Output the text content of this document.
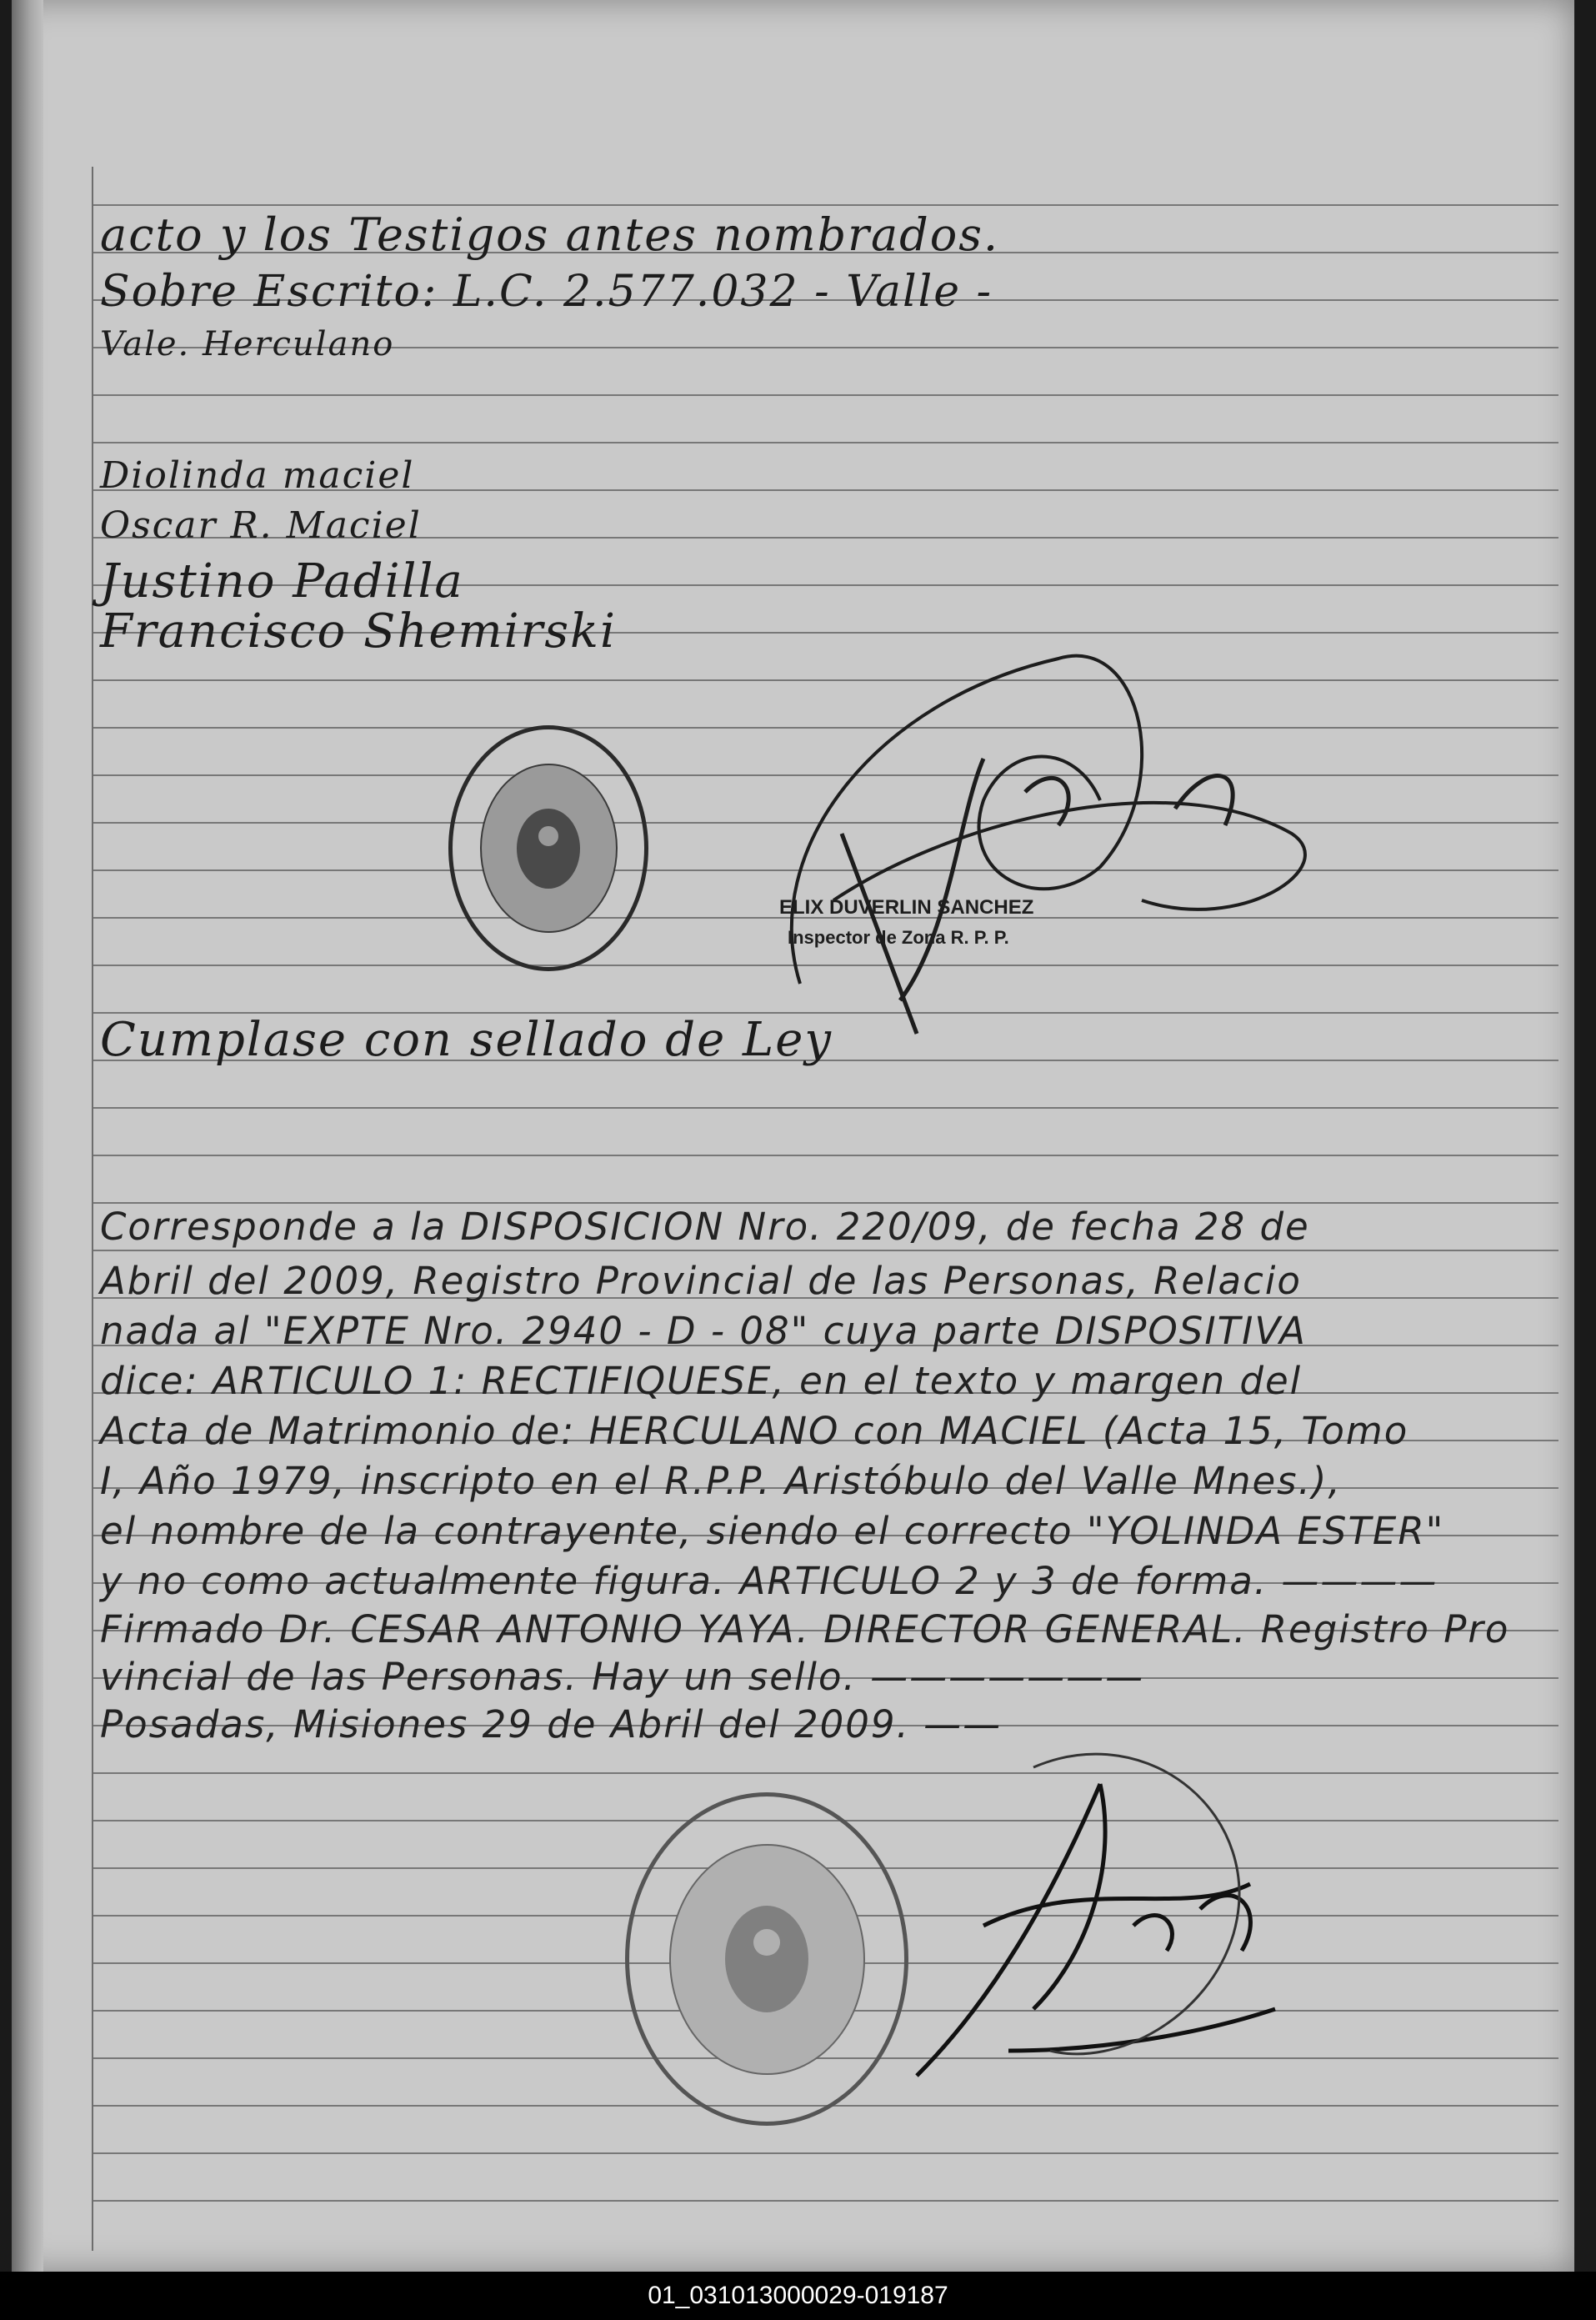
acto y los Testigos antes nombrados.
Sobre Escrito: L.C. 2.577.032 - Valle -
Vale. Herculano
Diolinda maciel
Oscar R. Maciel
Justino Padilla
Francisco Shemirski
ELIX DUVERLIN SANCHEZ
Inspector de Zona R. P. P.
Cumplase con sellado de Ley
Corresponde a la DISPOSICION Nro. 220/09, de fecha 28 de
Abril del 2009, Registro Provincial de las Personas, Relacio
nada al "EXPTE Nro. 2940 - D - 08" cuya parte DISPOSITIVA
dice: ARTICULO 1: RECTIFIQUESE, en el texto y margen del
Acta de Matrimonio de: HERCULANO con MACIEL (Acta 15, Tomo
I, Año 1979, inscripto en el R.P.P. Aristóbulo del Valle Mnes.),
el nombre de la contrayente, siendo el correcto "YOLINDA ESTER"
y no como actualmente figura. ARTICULO 2 y 3 de forma. ————
Firmado Dr. CESAR ANTONIO YAYA. DIRECTOR GENERAL. Registro Pro
vincial de las Personas. Hay un sello. ———————
Posadas, Misiones 29 de Abril del 2009. ——
01_031013000029-019187
